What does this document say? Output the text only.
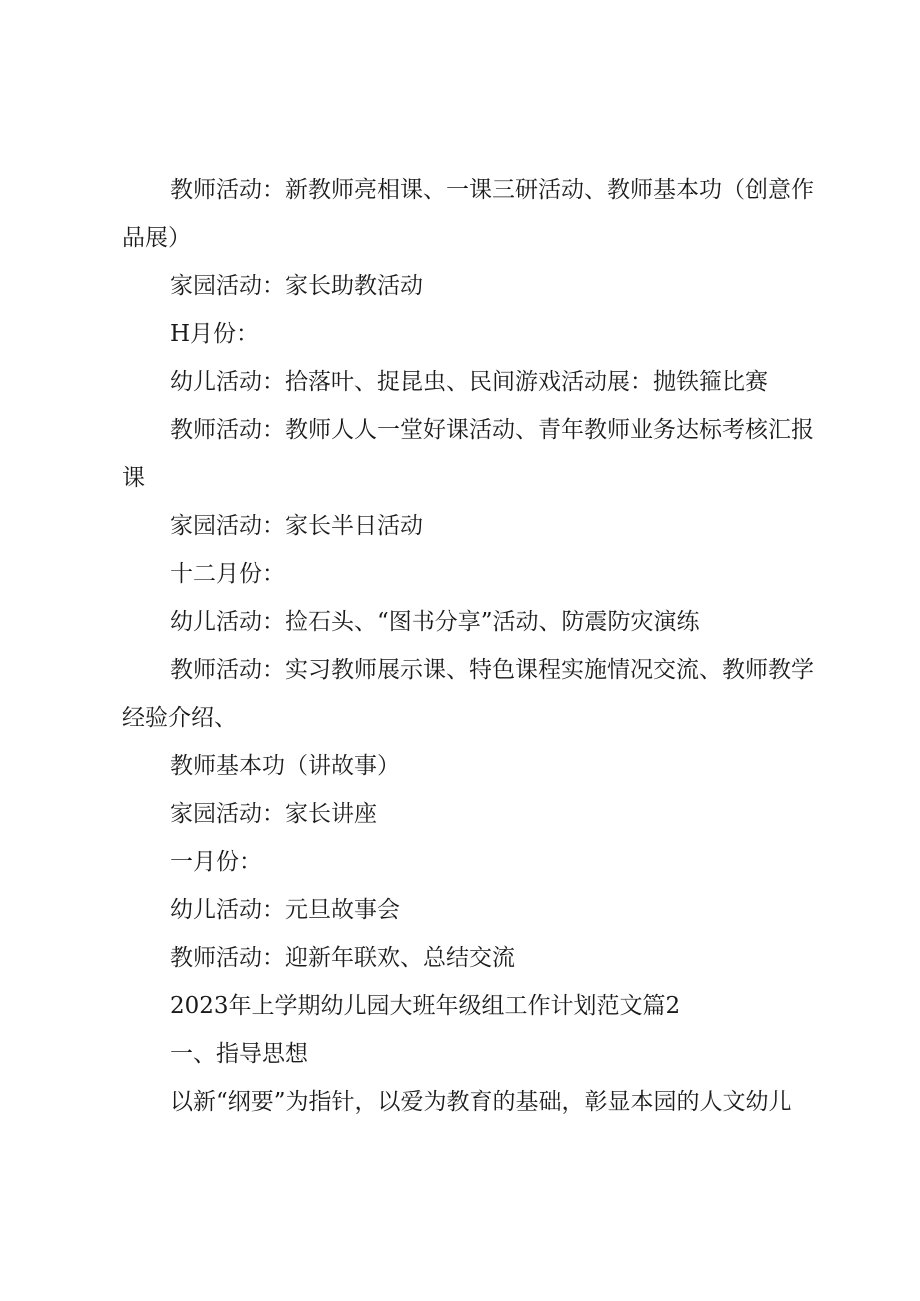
教师活动：新教师亮相课、一课三研活动、教师基本功（创意作品展）

家园活动：家长助教活动

H月份：

幼儿活动：拾落叶、捉昆虫、民间游戏活动展：抛铁箍比赛

教师活动：教师人人一堂好课活动、青年教师业务达标考核汇报课

家园活动：家长半日活动

十二月份：

幼儿活动：捡石头、“图书分享”活动、防震防灾演练

教师活动：实习教师展示课、特色课程实施情况交流、教师教学经验介绍、

教师基本功（讲故事）

家园活动：家长讲座

一月份：

幼儿活动：元旦故事会

教师活动：迎新年联欢、总结交流

2023年上学期幼儿园大班年级组工作计划范文篇2

一、指导思想

以新“纲要”为指针，以爱为教育的基础，彰显本园的人文幼儿
